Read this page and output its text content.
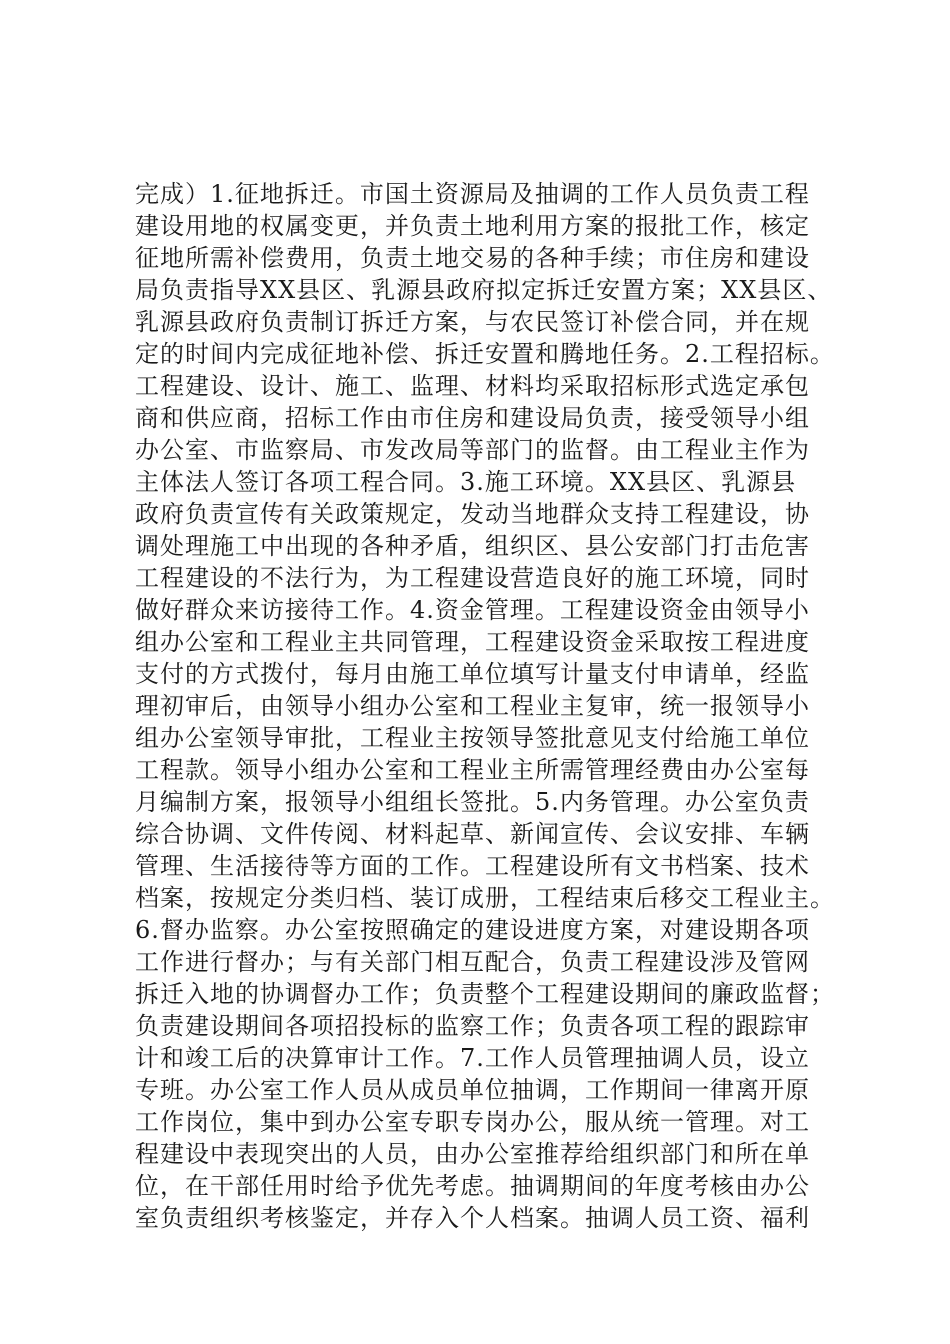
完成）1.征地拆迁。市国土资源局及抽调的工作人员负责工程
建设用地的权属变更，并负责土地利用方案的报批工作，核定
征地所需补偿费用，负责土地交易的各种手续；市住房和建设
局负责指导XX县区、乳源县政府拟定拆迁安置方案；XX县区、
乳源县政府负责制订拆迁方案，与农民签订补偿合同，并在规
定的时间内完成征地补偿、拆迁安置和腾地任务。2.工程招标。
工程建设、设计、施工、监理、材料均采取招标形式选定承包
商和供应商，招标工作由市住房和建设局负责，接受领导小组
办公室、市监察局、市发改局等部门的监督。由工程业主作为
主体法人签订各项工程合同。3.施工环境。XX县区、乳源县
政府负责宣传有关政策规定，发动当地群众支持工程建设，协
调处理施工中出现的各种矛盾，组织区、县公安部门打击危害
工程建设的不法行为，为工程建设营造良好的施工环境，同时
做好群众来访接待工作。4.资金管理。工程建设资金由领导小
组办公室和工程业主共同管理，工程建设资金采取按工程进度
支付的方式拨付，每月由施工单位填写计量支付申请单，经监
理初审后，由领导小组办公室和工程业主复审，统一报领导小
组办公室领导审批，工程业主按领导签批意见支付给施工单位
工程款。领导小组办公室和工程业主所需管理经费由办公室每
月编制方案，报领导小组组长签批。5.内务管理。办公室负责
综合协调、文件传阅、材料起草、新闻宣传、会议安排、车辆
管理、生活接待等方面的工作。工程建设所有文书档案、技术
档案，按规定分类归档、装订成册，工程结束后移交工程业主。
6.督办监察。办公室按照确定的建设进度方案，对建设期各项
工作进行督办；与有关部门相互配合，负责工程建设涉及管网
拆迁入地的协调督办工作；负责整个工程建设期间的廉政监督；
负责建设期间各项招投标的监察工作；负责各项工程的跟踪审
计和竣工后的决算审计工作。7.工作人员管理抽调人员，设立
专班。办公室工作人员从成员单位抽调，工作期间一律离开原
工作岗位，集中到办公室专职专岗办公，服从统一管理。对工
程建设中表现突出的人员，由办公室推荐给组织部门和所在单
位，在干部任用时给予优先考虑。抽调期间的年度考核由办公
室负责组织考核鉴定，并存入个人档案。抽调人员工资、福利
